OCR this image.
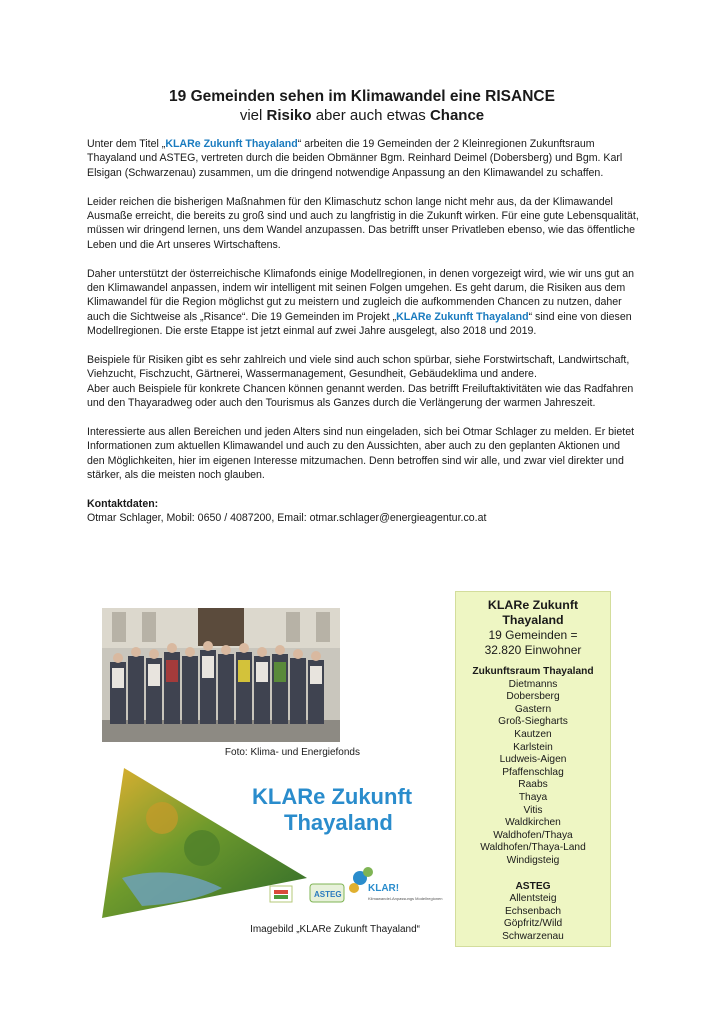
19 Gemeinden sehen im Klimawandel eine RISANCE
viel Risiko aber auch etwas Chance

Unter dem Titel „KLARe Zukunft Thayaland“ arbeiten die 19 Gemeinden der 2 Kleinregionen Zukunftsraum Thayaland und ASTEG, vertreten durch die beiden Obmänner Bgm. Reinhard Deimel (Dobersberg) und Bgm. Karl Elsigan (Schwarzenau) zusammen, um die dringend notwendige Anpassung an den Klimawandel zu schaffen.

Leider reichen die bisherigen Maßnahmen für den Klimaschutz schon lange nicht mehr aus, da der Klimawandel Ausmaße erreicht, die bereits zu groß sind und auch zu langfristig in die Zukunft wirken. Für eine gute Lebensqualität, müssen wir dringend lernen, uns dem Wandel anzupassen. Das betrifft unser Privatleben ebenso, wie das öffentliche Leben und die Art unseres Wirtschaftens.

Daher unterstützt der österreichische Klimafonds einige Modellregionen, in denen vorgezeigt wird, wie wir uns gut an den Klimawandel anpassen, indem wir intelligent mit seinen Folgen umgehen. Es geht darum, die Risiken aus dem Klimawandel für die Region möglichst gut zu meistern und zugleich die aufkommenden Chancen zu nutzen, daher auch die Sichtweise als „Risance“. Die 19 Gemeinden im Projekt „KLARe Zukunft Thayaland“ sind eine von diesen Modellregionen. Die erste Etappe ist jetzt einmal auf zwei Jahre ausgelegt, also 2018 und 2019.

Beispiele für Risiken gibt es sehr zahlreich und viele sind auch schon spürbar, siehe Forstwirtschaft, Landwirtschaft, Viehzucht, Fischzucht, Gärtnerei, Wassermanagement, Gesundheit, Gebäudeklima und andere.
Aber auch Beispiele für konkrete Chancen können genannt werden. Das betrifft Freiluftaktivitäten wie das Radfahren und den Thayaradweg oder auch den Tourismus als Ganzes durch die Verlängerung der warmen Jahreszeit.

Interessierte aus allen Bereichen und jeden Alters sind nun eingeladen, sich bei Otmar Schlager zu melden. Er bietet Informationen zum aktuellen Klimawandel und auch zu den Aussichten, aber auch zu den geplanten Aktionen und den Möglichkeiten, hier im eigenen Interesse mitzumachen. Denn betroffen sind wir alle, und zwar viel direkter und stärker, als die meisten noch glauben.

Kontaktdaten:

Otmar Schlager, Mobil: 0650 / 4087200, Email: otmar.schlager@energieagentur.co.at

Foto: Klima- und Energiefonds
KLARe Zukunft
Thayaland
ASTEG
KLAR!
Klimawandel-Anpassungs Modellregionen
Imagebild „KLARe Zukunft Thayaland“
KLARe Zukunft
Thayaland
19 Gemeinden =
32.820 Einwohner
Zukunftsraum Thayaland
Dietmanns
Dobersberg
Gastern
Groß-Siegharts
Kautzen
Karlstein
Ludweis-Aigen
Pfaffenschlag
Raabs
Thaya
Vitis
Waldkirchen
Waldhofen/Thaya
Waldhofen/Thaya-Land
Windigsteig
ASTEG
Allentsteig
Echsenbach
Göpfritz/Wild
Schwarzenau
